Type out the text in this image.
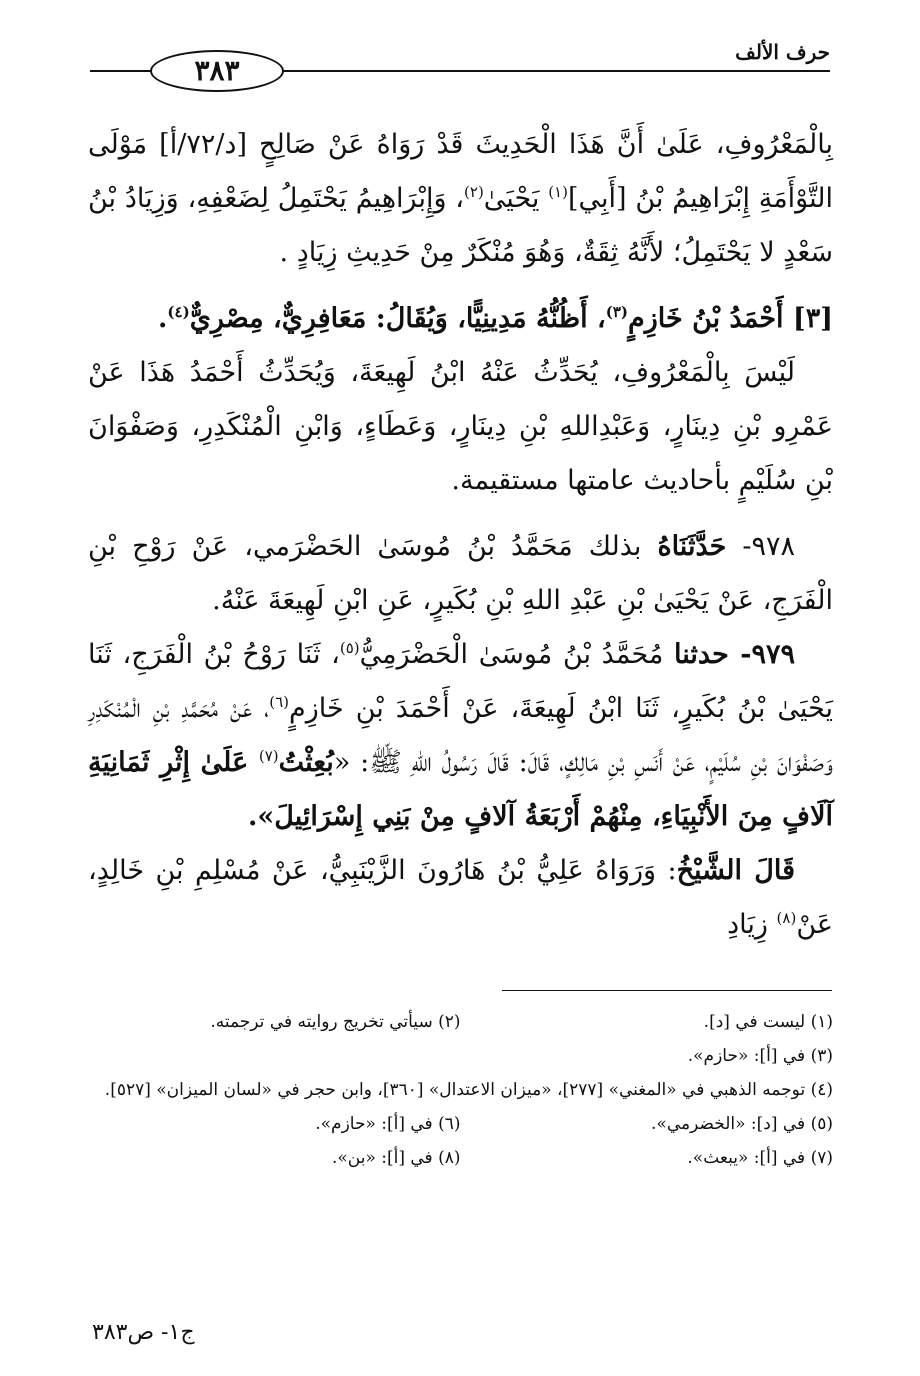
٣٨٣
حرف الألف

بِالْمَعْرُوفِ، عَلَىٰ أَنَّ هَذَا الْحَدِيثَ قَدْ رَوَاهُ عَنْ صَالِحٍ [د/٧٢/أ] مَوْلَى التَّوْأَمَةِ إِبْرَاهِيمُ بْنُ [أَبِي]$^{(١)}$ يَحْيَىٰ$^{(٢)}$، وَإِبْرَاهِيمُ يَحْتَمِلُ لِضَعْفِهِ، وَزِيَادُ بْنُ سَعْدٍ لا يَحْتَمِلُ؛ لأَنَّهُ ثِقَةٌ، وَهُوَ مُنْكَرٌ مِنْ حَدِيثِ زِيَادٍ .

[٣] أَحْمَدُ بْنُ خَازِمٍ$^{(٣)}$، أَظُنُّهُ مَدِينِيًّا، وَيُقَالُ: مَعَافِرِيٌّ، مِصْرِيٌّ$^{(٤)}$.

لَيْسَ بِالْمَعْرُوفِ، يُحَدِّثُ عَنْهُ ابْنُ لَهِيعَةَ، وَيُحَدِّثُ أَحْمَدُ هَذَا عَنْ عَمْرِو بْنِ دِينَارٍ، وَعَبْدِاللهِ بْنِ دِينَارٍ، وَعَطَاءٍ، وَابْنِ الْمُنْكَدِرِ، وَصَفْوَانَ بْنِ سُلَيْمٍ بأحاديث عامتها مستقيمة.

٩٧٨- حَدَّثَنَاهُ بذلك مَحَمَّدُ بْنُ مُوسَىٰ الحَضْرَمي، عَنْ رَوْحِ بْنِ الْفَرَجِ، عَنْ يَحْيَىٰ بْنِ عَبْدِ اللهِ بْنِ بُكَيرٍ، عَنِ ابْنِ لَهِيعَةَ عَنْهُ.

٩٧٩- حدثنا مُحَمَّدُ بْنُ مُوسَىٰ الْحَضْرَمِيُّ$^{(٥)}$، ثَنَا رَوْحُ بْنُ الْفَرَجِ، ثَنَا يَحْيَىٰ بْنُ بُكَيرٍ، ثَنَا ابْنُ لَهِيعَةَ، عَنْ أَحْمَدَ بْنِ خَازِمٍ$^{(٦)}$، عَنْ مُحَمَّدِ بْنِ الْمُنْكَدِرِ وَصَفْوَانَ بْنِ سُلَيْمٍ، عَنْ أَنَسِ بْنِ مَالِكٍ، قَالَ: قَالَ رَسُولُ اللهِ ﷺ: «بُعِثْتُ$^{(٧)}$ عَلَىٰ إِثْرِ ثَمَانِيَةِ آلَافٍ مِنَ الأَنْبِيَاءِ، مِنْهُمْ أَرْبَعَةُ آلافٍ مِنْ بَنِي إِسْرَائِيلَ».

قَالَ الشَّيْخُ: وَرَوَاهُ عَلِيُّ بْنُ هَارُونَ الزَّيْنَبِيُّ، عَنْ مُسْلِمِ بْنِ خَالِدٍ، عَنْ$^{(٨)}$ زِيَادِ

(١) ليست في [د].
(٢) سيأتي تخريج روايته في ترجمته.
(٣) في [أ]: «حازم».
(٤) توجمه الذهبي في «المغني» [٢٧٧]، «ميزان الاعتدال» [٣٦٠]، وابن حجر في «لسان الميزان» [٥٢٧].
(٥) في [د]: «الخضرمي».
(٦) في [أ]: «حازم».
(٧) في [أ]: «يبعث».
(٨) في [أ]: «بن».
ج١- ص٣٨٣
